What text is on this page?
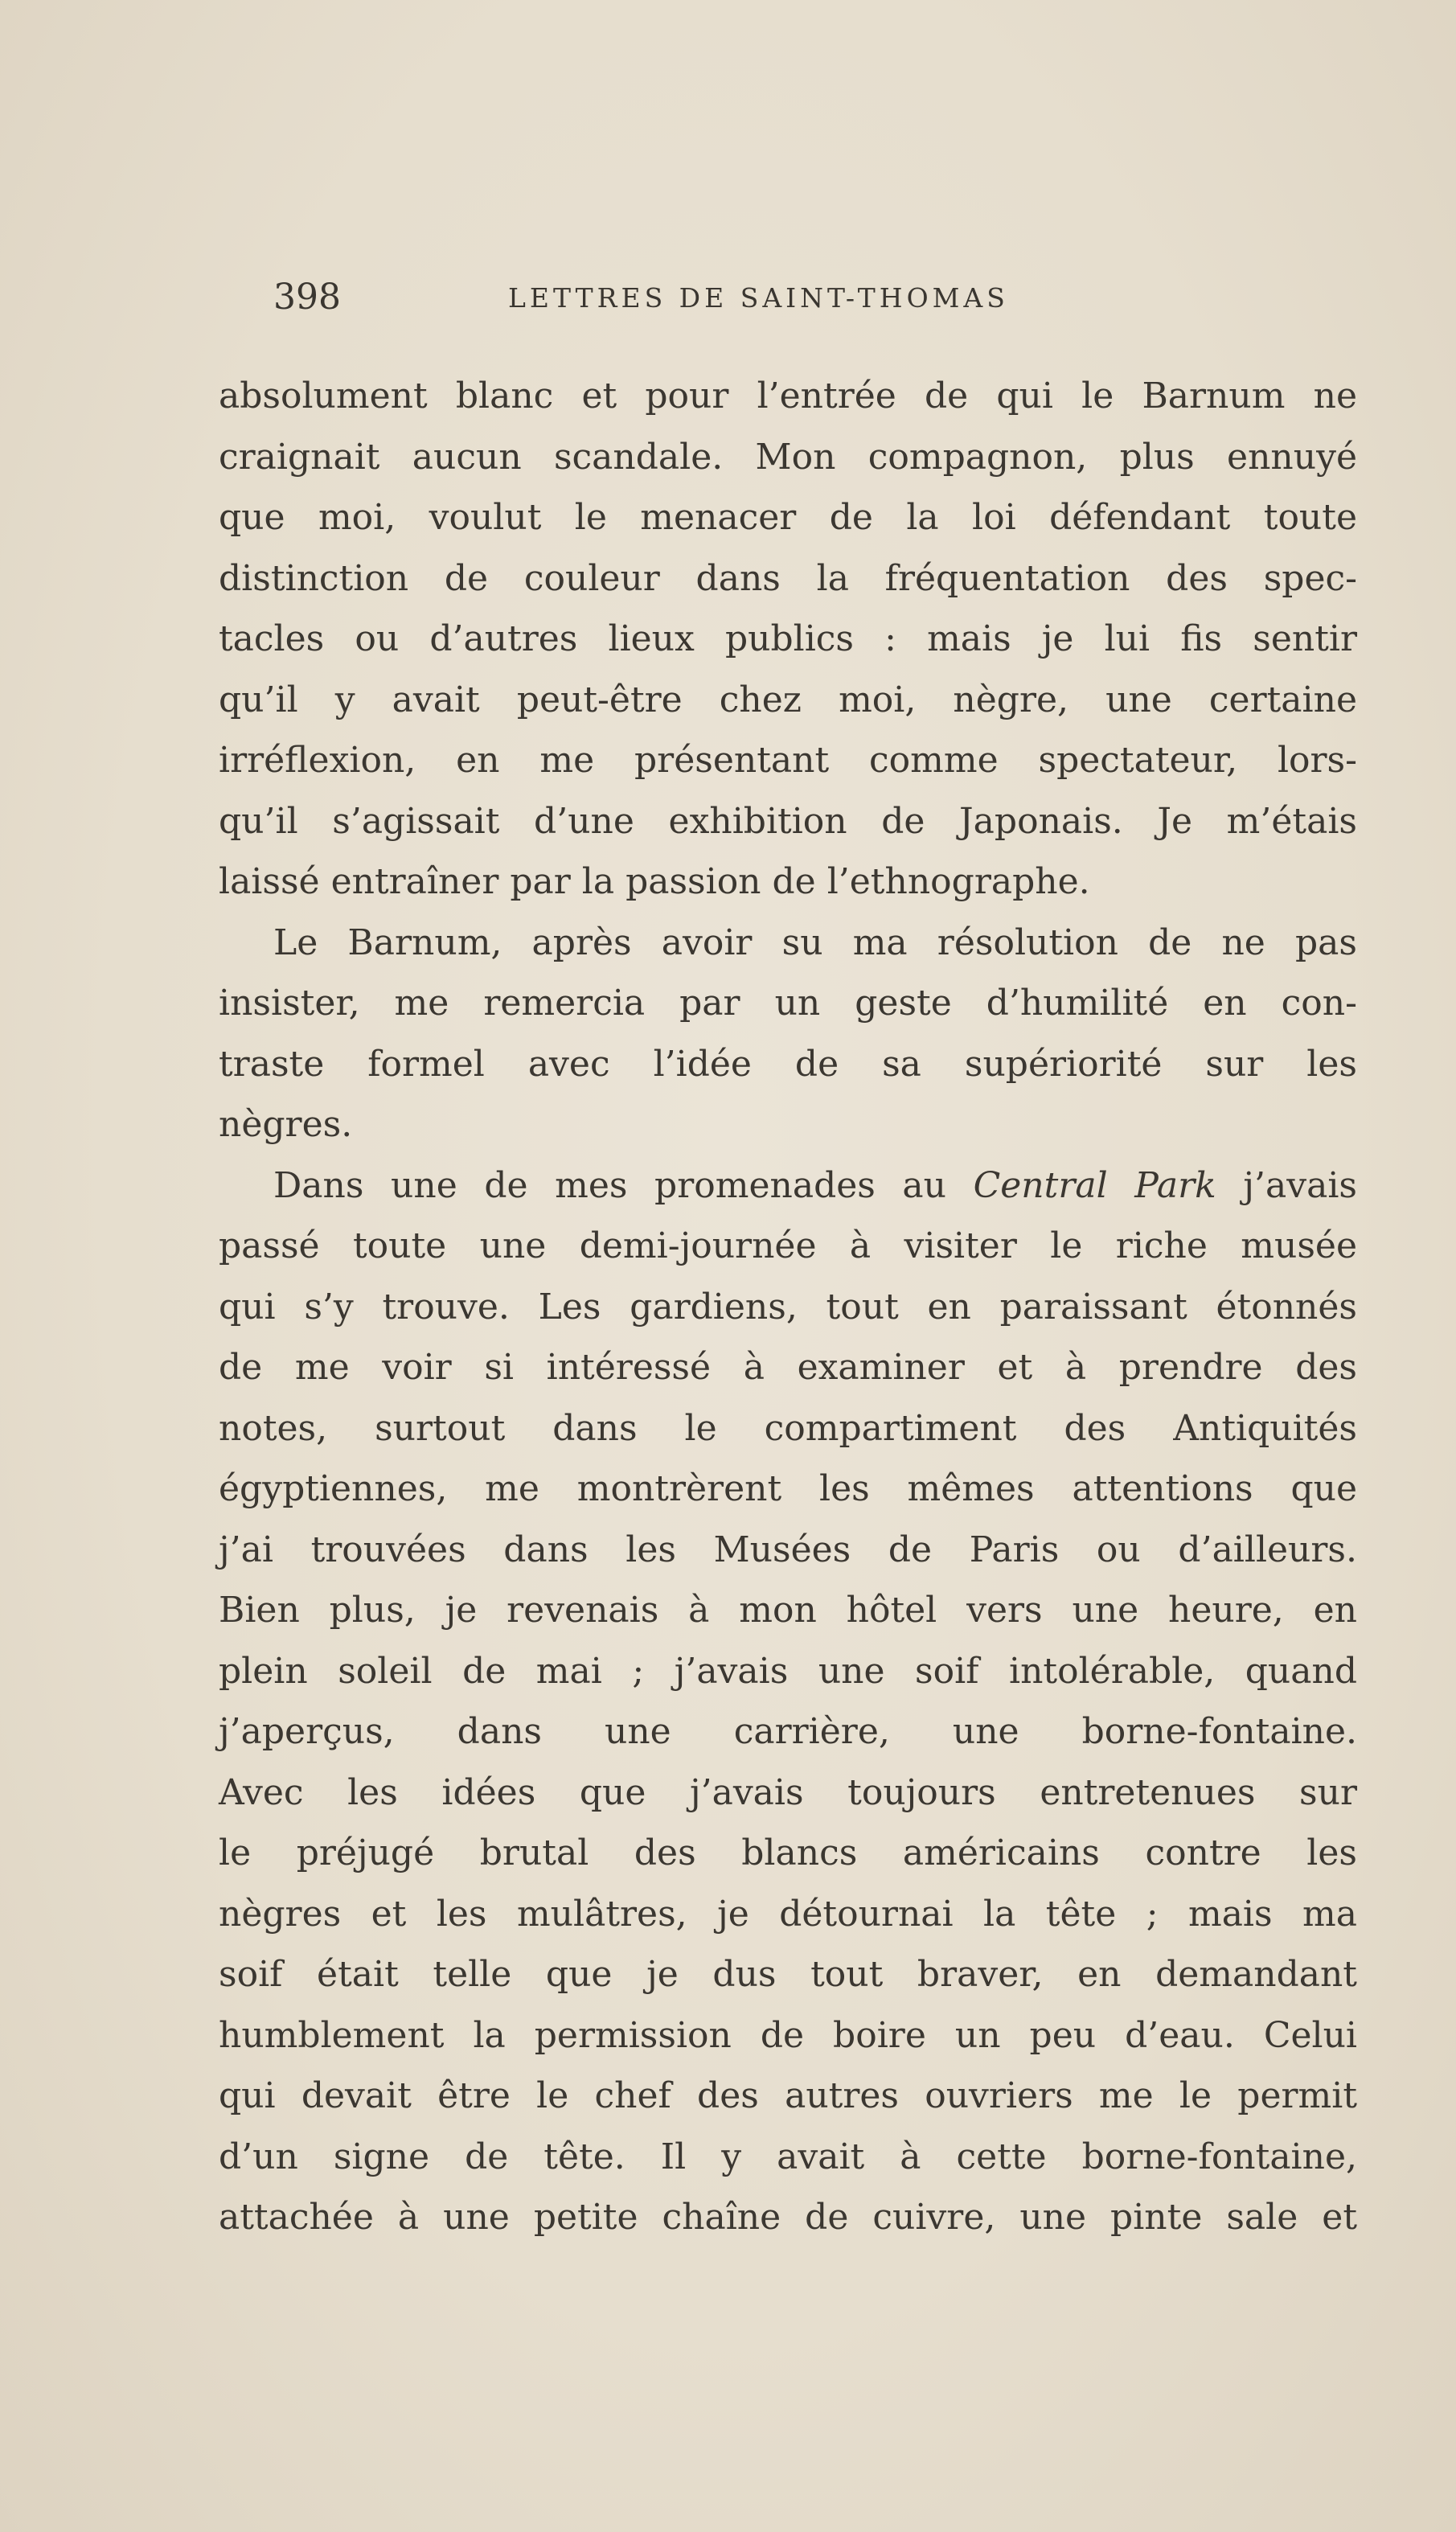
398	LETTRES DE SAINT-THOMAS
absolument blanc et pour l’entrée de qui le Barnum ne
craignait aucun scandale. Mon compagnon, plus ennuyé
que moi, voulut le menacer de la loi défendant toute
distinction de couleur dans la fréquentation des spec-
tacles ou d’autres lieux publics : mais je lui fis sentir
qu’il y avait peut-être chez moi, nègre, une certaine
irréflexion, en me présentant comme spectateur, lors-
qu’il s’agissait d’une exhibition de Japonais. Je m’étais
laissé entraîner par la passion de l’ethnographe.
Le Barnum, après avoir su ma résolution de ne pas
insister, me remercia par un geste d’humilité en con-
traste formel avec l’idée de sa supériorité sur les
nègres.
Dans une de mes promenades au Central Park j’avais
passé toute une demi-journée à visiter le riche musée
qui s’y trouve. Les gardiens, tout en paraissant étonnés
de me voir si intéressé à examiner et à prendre des
notes, surtout dans le compartiment des Antiquités
égyptiennes, me montrèrent les mêmes attentions que
j’ai trouvées dans les Musées de Paris ou d’ailleurs.
Bien plus, je revenais à mon hôtel vers une heure, en
plein soleil de mai ; j’avais une soif intolérable, quand
j’aperçus, dans une carrière, une borne-fontaine.
Avec les idées que j’avais toujours entretenues sur
le préjugé brutal des blancs américains contre les
nègres et les mulâtres, je détournai la tête ; mais ma
soif était telle que je dus tout braver, en demandant
humblement la permission de boire un peu d’eau. Celui
qui devait être le chef des autres ouvriers me le permit
d’un signe de tête. Il y avait à cette borne-fontaine,
attachée à une petite chaîne de cuivre, une pinte sale et
